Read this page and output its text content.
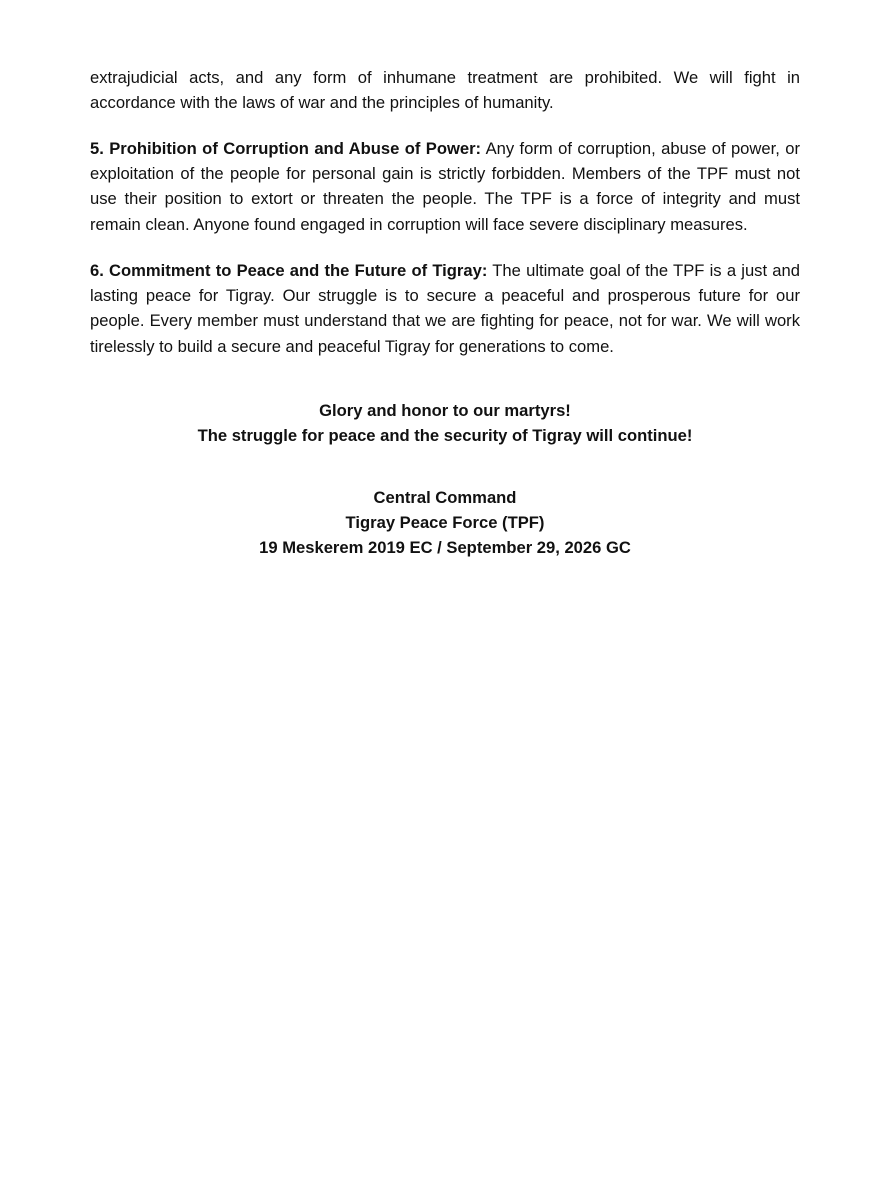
extrajudicial acts, and any form of inhumane treatment are prohibited. We will fight in accordance with the laws of war and the principles of humanity.

5. Prohibition of Corruption and Abuse of Power: Any form of corruption, abuse of power, or exploitation of the people for personal gain is strictly forbidden. Members of the TPF must not use their position to extort or threaten the people. The TPF is a force of integrity and must remain clean. Anyone found engaged in corruption will face severe disciplinary measures.

6. Commitment to Peace and the Future of Tigray: The ultimate goal of the TPF is a just and lasting peace for Tigray. Our struggle is to secure a peaceful and prosperous future for our people. Every member must understand that we are fighting for peace, not for war. We will work tirelessly to build a secure and peaceful Tigray for generations to come.

Glory and honor to our martyrs!
The struggle for peace and the security of Tigray will continue!
Central Command
Tigray Peace Force (TPF)
19 Meskerem 2019 EC / September 29, 2026 GC
